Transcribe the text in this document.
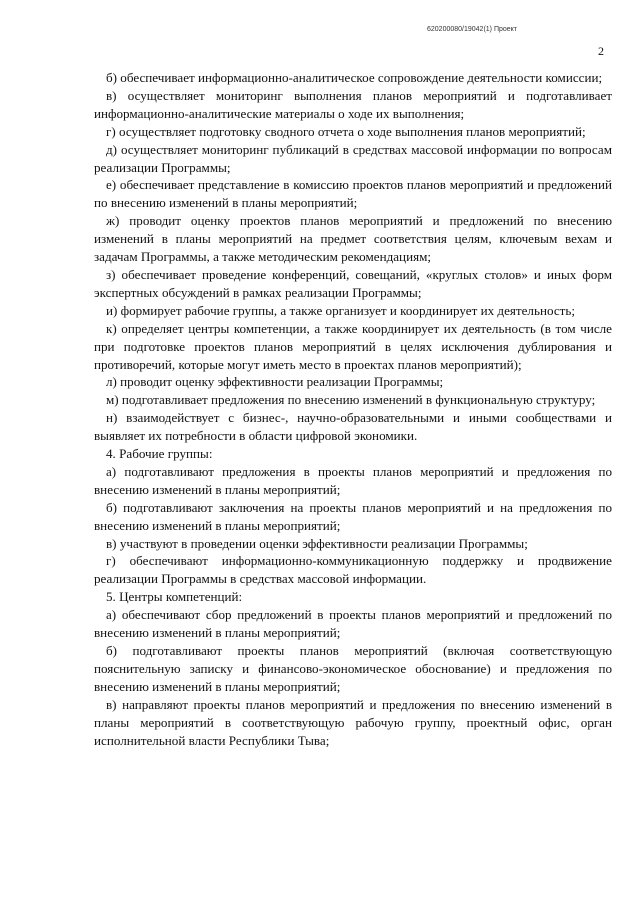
620200080/19042(1) Проект
2

б) обеспечивает информационно-аналитическое сопровождение деятельности комиссии;

в) осуществляет мониторинг выполнения планов мероприятий и подготавливает информационно-аналитические материалы о ходе их выполнения;

г) осуществляет подготовку сводного отчета о ходе выполнения планов мероприятий;

д) осуществляет мониторинг публикаций в средствах массовой информации по вопросам реализации Программы;

е) обеспечивает представление в комиссию проектов планов мероприятий и предложений по внесению изменений в планы мероприятий;

ж) проводит оценку проектов планов мероприятий и предложений по внесению изменений в планы мероприятий на предмет соответствия целям, ключевым вехам и задачам Программы, а также методическим рекомендациям;

з) обеспечивает проведение конференций, совещаний, «круглых столов» и иных форм экспертных обсуждений в рамках реализации Программы;

и) формирует рабочие группы, а также организует и координирует их деятельность;

к) определяет центры компетенции, а также координирует их деятельность (в том числе при подготовке проектов планов мероприятий в целях исключения дублирования и противоречий, которые могут иметь место в проектах планов мероприятий);

л) проводит оценку эффективности реализации Программы;

м) подготавливает предложения по внесению изменений в функциональную структуру;

н) взаимодействует с бизнес-, научно-образовательными и иными сообществами и выявляет их потребности в области цифровой экономики.

4. Рабочие группы:

а) подготавливают предложения в проекты планов мероприятий и предложения по внесению изменений в планы мероприятий;

б) подготавливают заключения на проекты планов мероприятий и на предложения по внесению изменений в планы мероприятий;

в) участвуют в проведении оценки эффективности реализации Программы;

г) обеспечивают информационно-коммуникационную поддержку и продвижение реализации Программы в средствах массовой информации.

5. Центры компетенций:

а) обеспечивают сбор предложений в проекты планов мероприятий и предложений по внесению изменений в планы мероприятий;

б) подготавливают проекты планов мероприятий (включая соответствующую пояснительную записку и финансово-экономическое обоснование) и предложения по внесению изменений в планы мероприятий;

в) направляют проекты планов мероприятий и предложения по внесению изменений в планы мероприятий в соответствующую рабочую группу, проектный офис, орган исполнительной власти Республики Тыва;
